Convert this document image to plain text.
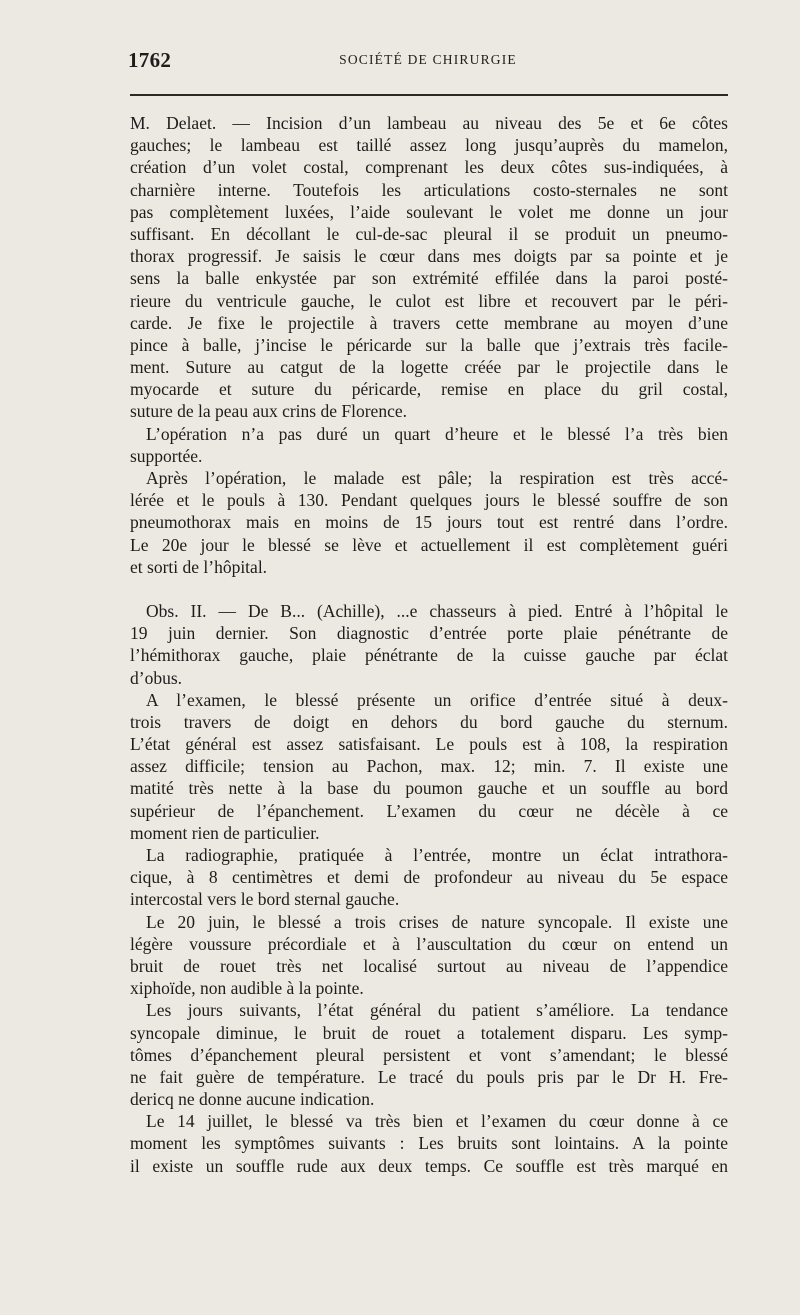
1762	SOCIÉTÉ DE CHIRURGIE
M. Delaet. — Incision d’un lambeau au niveau des 5e et 6e côtes
gauches; le lambeau est taillé assez long jusqu’auprès du mamelon,
création d’un volet costal, comprenant les deux côtes sus-indiquées, à
charnière interne. Toutefois les articulations costo-sternales ne sont
pas complètement luxées, l’aide soulevant le volet me donne un jour
suffisant. En décollant le cul-de-sac pleural il se produit un pneumo-
thorax progressif. Je saisis le cœur dans mes doigts par sa pointe et je
sens la balle enkystée par son extrémité effilée dans la paroi posté-
rieure du ventricule gauche, le culot est libre et recouvert par le péri-
carde. Je fixe le projectile à travers cette membrane au moyen d’une
pince à balle, j’incise le péricarde sur la balle que j’extrais très facile-
ment. Suture au catgut de la logette créée par le projectile dans le
myocarde et suture du péricarde, remise en place du gril costal,
suture de la peau aux crins de Florence.
L’opération n’a pas duré un quart d’heure et le blessé l’a très bien
supportée.
Après l’opération, le malade est pâle; la respiration est très accé-
lérée et le pouls à 130. Pendant quelques jours le blessé souffre de son
pneumothorax mais en moins de 15 jours tout est rentré dans l’ordre.
Le 20e jour le blessé se lève et actuellement il est complètement guéri
et sorti de l’hôpital.
Obs. II. — De B... (Achille), ...e chasseurs à pied. Entré à l’hôpital le
19 juin dernier. Son diagnostic d’entrée porte plaie pénétrante de
l’hémithorax gauche, plaie pénétrante de la cuisse gauche par éclat
d’obus.
A l’examen, le blessé présente un orifice d’entrée situé à deux-
trois travers de doigt en dehors du bord gauche du sternum.
L’état général est assez satisfaisant. Le pouls est à 108, la respiration
assez difficile; tension au Pachon, max. 12; min. 7. Il existe une
matité très nette à la base du poumon gauche et un souffle au bord
supérieur de l’épanchement. L’examen du cœur ne décèle à ce
moment rien de particulier.
La radiographie, pratiquée à l’entrée, montre un éclat intrathora-
cique, à 8 centimètres et demi de profondeur au niveau du 5e espace
intercostal vers le bord sternal gauche.
Le 20 juin, le blessé a trois crises de nature syncopale. Il existe une
légère voussure précordiale et à l’auscultation du cœur on entend un
bruit de rouet très net localisé surtout au niveau de l’appendice
xiphoïde, non audible à la pointe.
Les jours suivants, l’état général du patient s’améliore. La tendance
syncopale diminue, le bruit de rouet a totalement disparu. Les symp-
tômes d’épanchement pleural persistent et vont s’amendant; le blessé
ne fait guère de température. Le tracé du pouls pris par le Dr H. Fre-
dericq ne donne aucune indication.
Le 14 juillet, le blessé va très bien et l’examen du cœur donne à ce
moment les symptômes suivants : Les bruits sont lointains. A la pointe
il existe un souffle rude aux deux temps. Ce souffle est très marqué en
